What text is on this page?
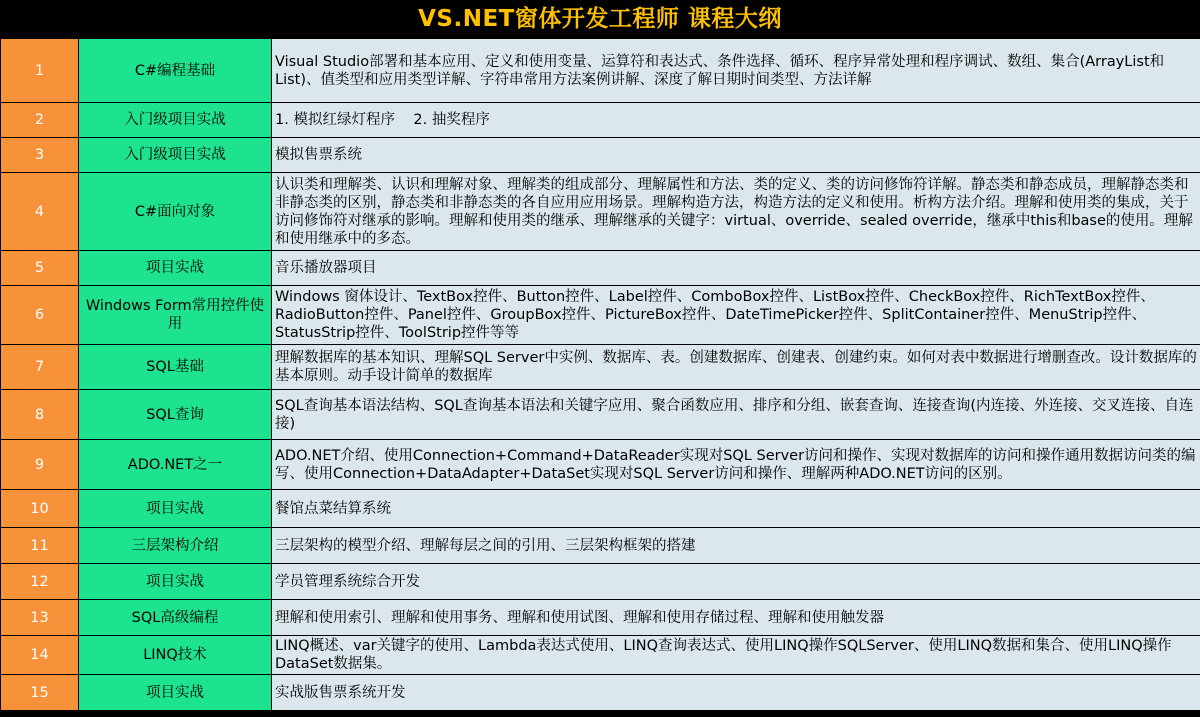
VS.NET窗体开发工程师 课程大纲
1	C#编程基础	Visual Studio部署和基本应用、定义和使用变量、运算符和表达式、条件选择、循环、程序异常处理和程序调试、数组、集合(ArrayList和List)、值类型和应用类型详解、字符串常用方法案例讲解、深度了解日期时间类型、方法详解
2	入门级项目实战	1. 模拟红绿灯程序    2. 抽奖程序
3	入门级项目实战	模拟售票系统
4	C#面向对象	认识类和理解类、认识和理解对象、理解类的组成部分、理解属性和方法、类的定义、类的访问修饰符详解。静态类和静态成员，理解静态类和非静态类的区别，静态类和非静态类的各自应用应用场景。理解构造方法，构造方法的定义和使用。析构方法介绍。理解和使用类的集成，关于访问修饰符对继承的影响。理解和使用类的继承、理解继承的关键字：virtual、override、sealed override，继承中this和base的使用。理解和使用继承中的多态。
5	项目实战	音乐播放器项目
6	Windows Form常用控件使用	Windows 窗体设计、TextBox控件、Button控件、Label控件、ComboBox控件、ListBox控件、CheckBox控件、RichTextBox控件、RadioButton控件、Panel控件、GroupBox控件、PictureBox控件、DateTimePicker控件、SplitContainer控件、MenuStrip控件、StatusStrip控件、ToolStrip控件等等
7	SQL基础	理解数据库的基本知识、理解SQL Server中实例、数据库、表。创建数据库、创建表、创建约束。如何对表中数据进行增删查改。设计数据库的基本原则。动手设计简单的数据库
8	SQL查询	SQL查询基本语法结构、SQL查询基本语法和关键字应用、聚合函数应用、排序和分组、嵌套查询、连接查询(内连接、外连接、交叉连接、自连接)
9	ADO.NET之一	ADO.NET介绍、使用Connection+Command+DataReader实现对SQL Server访问和操作、实现对数据库的访问和操作通用数据访问类的编写、使用Connection+DataAdapter+DataSet实现对SQL Server访问和操作、理解两种ADO.NET访问的区别。
10	项目实战	餐馆点菜结算系统
11	三层架构介绍	三层架构的模型介绍、理解每层之间的引用、三层架构框架的搭建
12	项目实战	学员管理系统综合开发
13	SQL高级编程	理解和使用索引、理解和使用事务、理解和使用试图、理解和使用存储过程、理解和使用触发器
14	LINQ技术	LINQ概述、var关键字的使用、Lambda表达式使用、LINQ查询表达式、使用LINQ操作SQLServer、使用LINQ数据和集合、使用LINQ操作DataSet数据集。
15	项目实战	实战版售票系统开发
